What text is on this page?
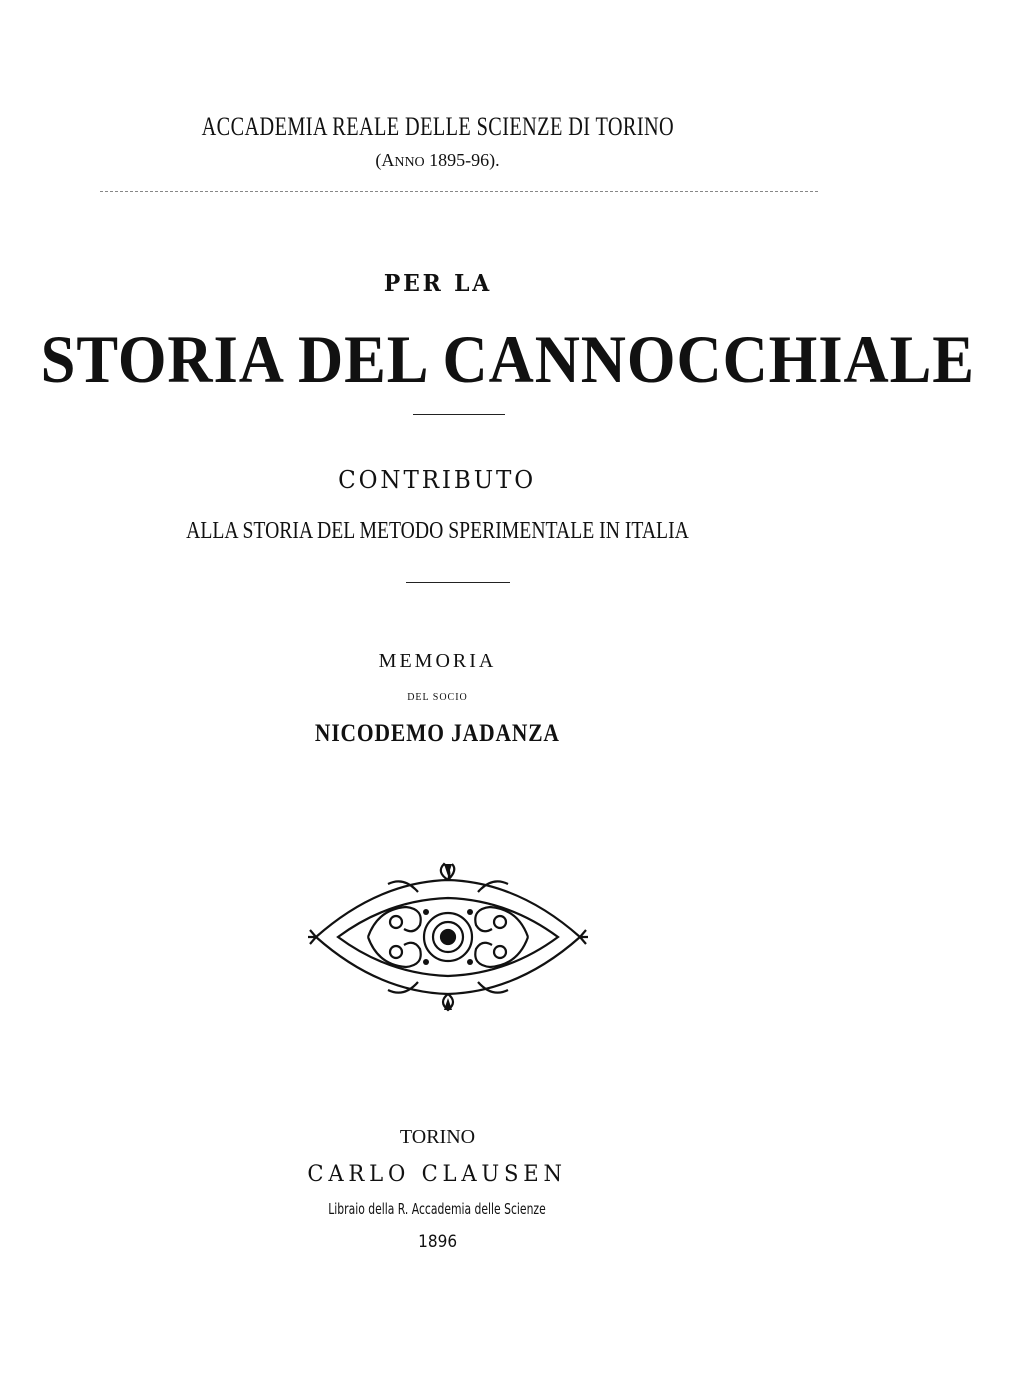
ACCADEMIA REALE DELLE SCIENZE DI TORINO
(ANNO 1895-96).
PER LA
STORIA DEL CANNOCCHIALE
CONTRIBUTO
ALLA STORIA DEL METODO SPERIMENTALE IN ITALIA
MEMORIA
DEL SOCIO
NICODEMO JADANZA
TORINO
CARLO CLAUSEN
Libraio della R. Accademia delle Scienze
1896
